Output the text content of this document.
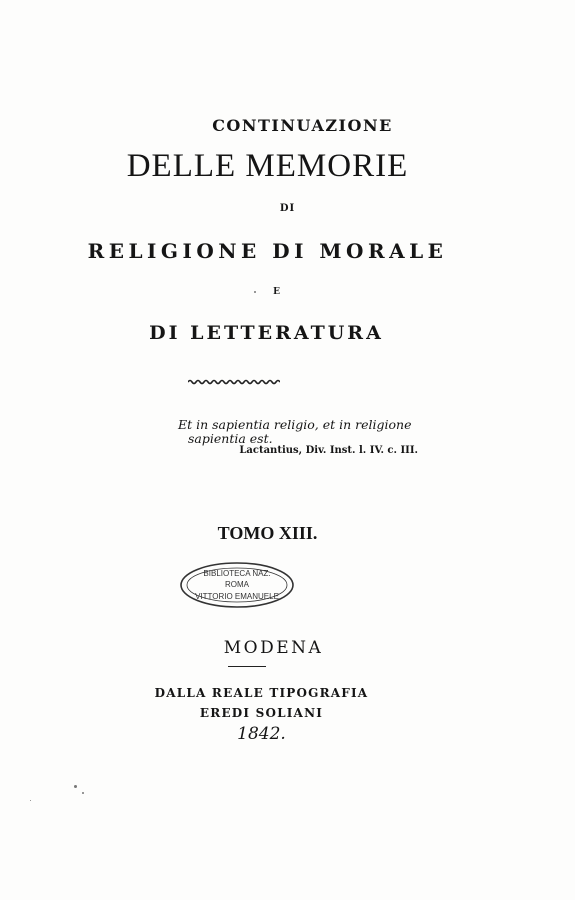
CONTINUAZIONE
DELLE MEMORIE
DI
RELIGIONE DI MORALE
E
DI LETTERATURA
Et in sapientia religio, et in religione
sapientia est.
Lactantius, Div. Inst. l. IV. c. III.
TOMO XIII.
BIBLIOTECA NAZ.
ROMA
VITTORIO EMANUELE
MODENA
DALLA REALE TIPOGRAFIA
EREDI SOLIANI
1842.
